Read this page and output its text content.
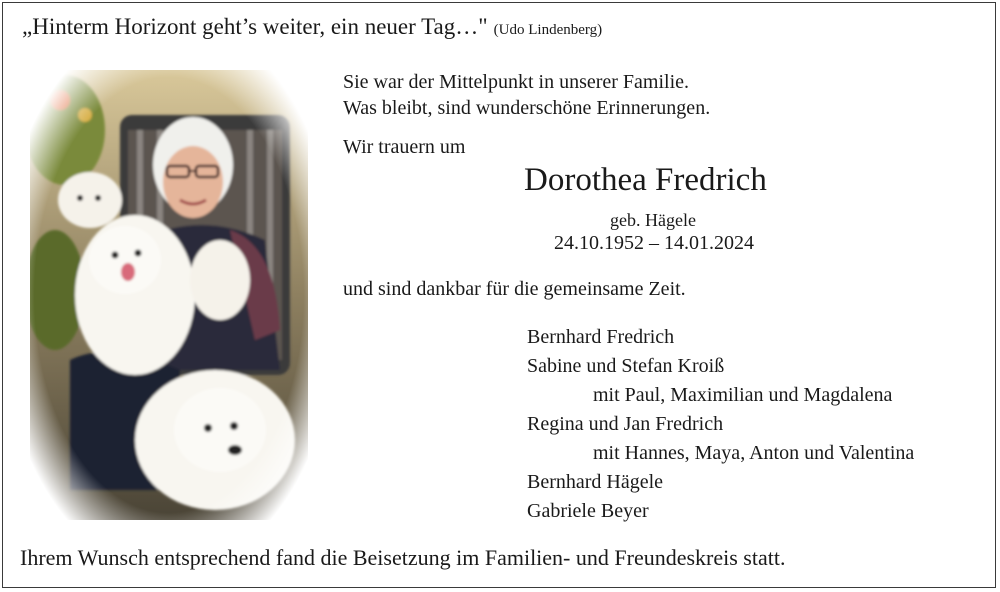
„Hinterm Horizont geht’s weiter, ein neuer Tag…" (Udo Lindenberg)
Sie war der Mittelpunkt in unserer Familie.
Was bleibt, sind wunderschöne Erinnerungen.
Wir trauern um
Dorothea Fredrich
geb. Hägele
24.10.1952 – 14.01.2024
und sind dankbar für die gemeinsame Zeit.
Bernhard Fredrich
Sabine und Stefan Kroiß
mit Paul, Maximilian und Magdalena
Regina und Jan Fredrich
mit Hannes, Maya, Anton und Valentina
Bernhard Hägele
Gabriele Beyer
Ihrem Wunsch entsprechend fand die Beisetzung im Familien- und Freundeskreis statt.
